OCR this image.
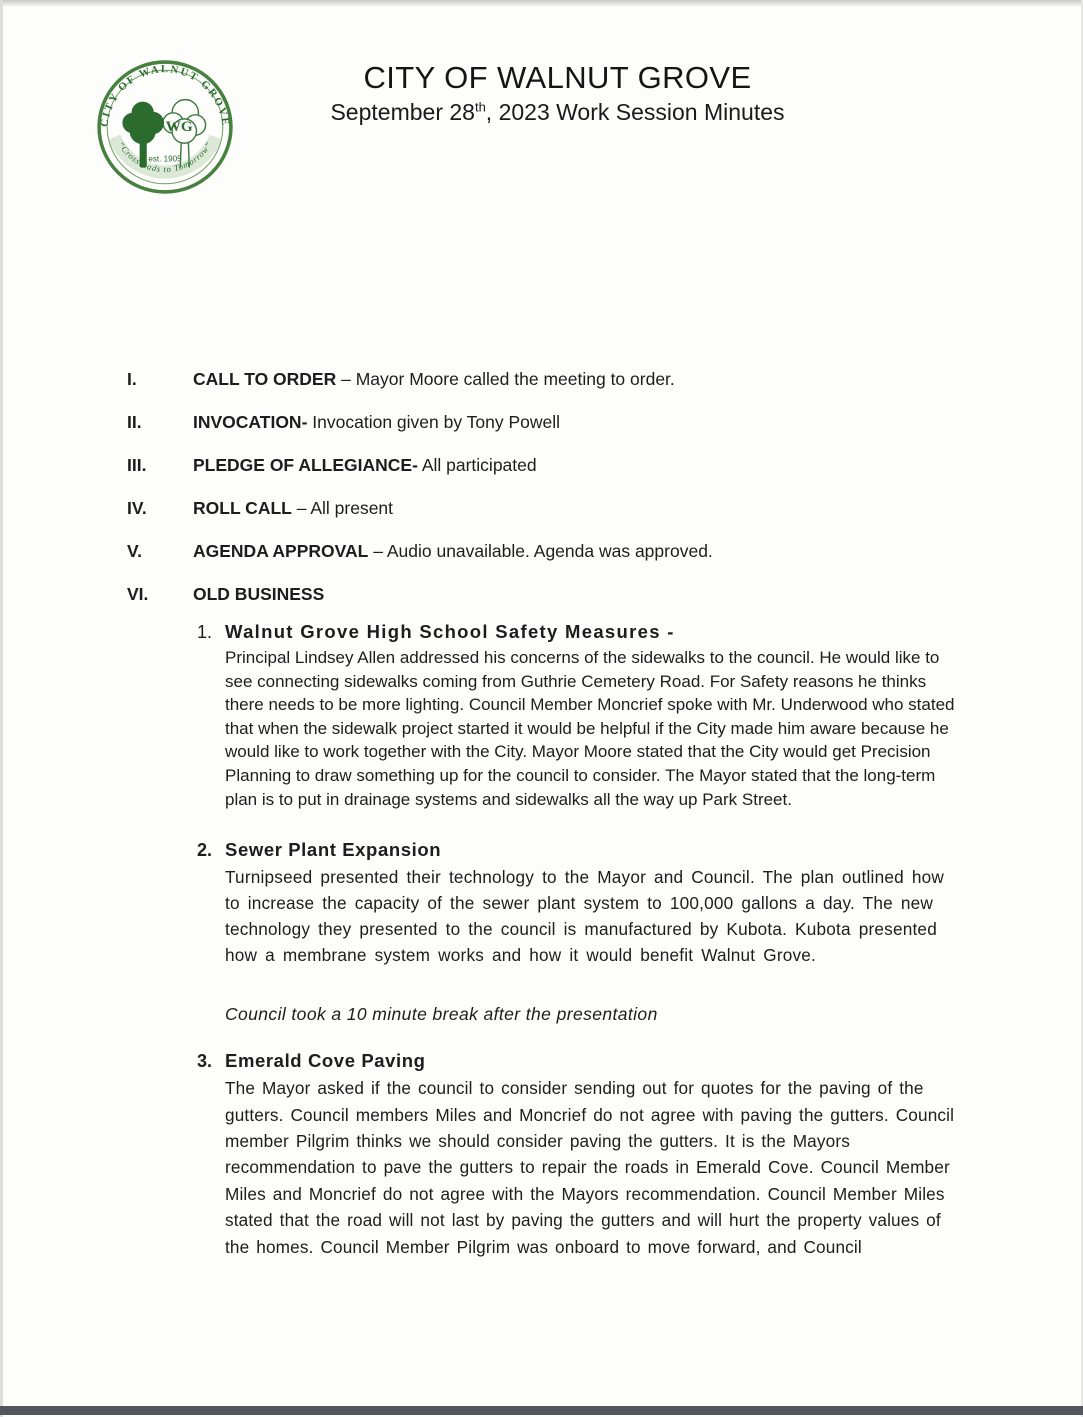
CITY OF WALNUT GROVE
WG
est. 1905
“Crossroads to Tomorrow”
CITY OF WALNUT GROVE
September 28th, 2023 Work Session Minutes
I.	CALL TO ORDER – Mayor Moore called the meeting to order.
II.	INVOCATION- Invocation given by Tony Powell
III.	PLEDGE OF ALLEGIANCE- All participated
IV.	ROLL CALL – All present
V.	AGENDA APPROVAL – Audio unavailable. Agenda was approved.
VI.	OLD BUSINESS
1. Walnut Grove High School Safety Measures -

Principal Lindsey Allen addressed his concerns of the sidewalks to the council. He would like to see connecting sidewalks coming from Guthrie Cemetery Road. For Safety reasons he thinks there needs to be more lighting. Council Member Moncrief spoke with Mr. Underwood who stated that when the sidewalk project started it would be helpful if the City made him aware because he would like to work together with the City. Mayor Moore stated that the City would get Precision Planning to draw something up for the council to consider. The Mayor stated that the long-term plan is to put in drainage systems and sidewalks all the way up Park Street.

2. Sewer Plant Expansion

Turnipseed presented their technology to the Mayor and Council. The plan outlined how to increase the capacity of the sewer plant system to 100,000 gallons a day. The new technology they presented to the council is manufactured by Kubota. Kubota presented how a membrane system works and how it would benefit Walnut Grove.

Council took a 10 minute break after the presentation

3. Emerald Cove Paving

The Mayor asked if the council to consider sending out for quotes for the paving of the gutters. Council members Miles and Moncrief do not agree with paving the gutters. Council member Pilgrim thinks we should consider paving the gutters. It is the Mayors recommendation to pave the gutters to repair the roads in Emerald Cove. Council Member Miles and Moncrief do not agree with the Mayors recommendation. Council Member Miles stated that the road will not last by paving the gutters and will hurt the property values of the homes. Council Member Pilgrim was onboard to move forward, and Council
